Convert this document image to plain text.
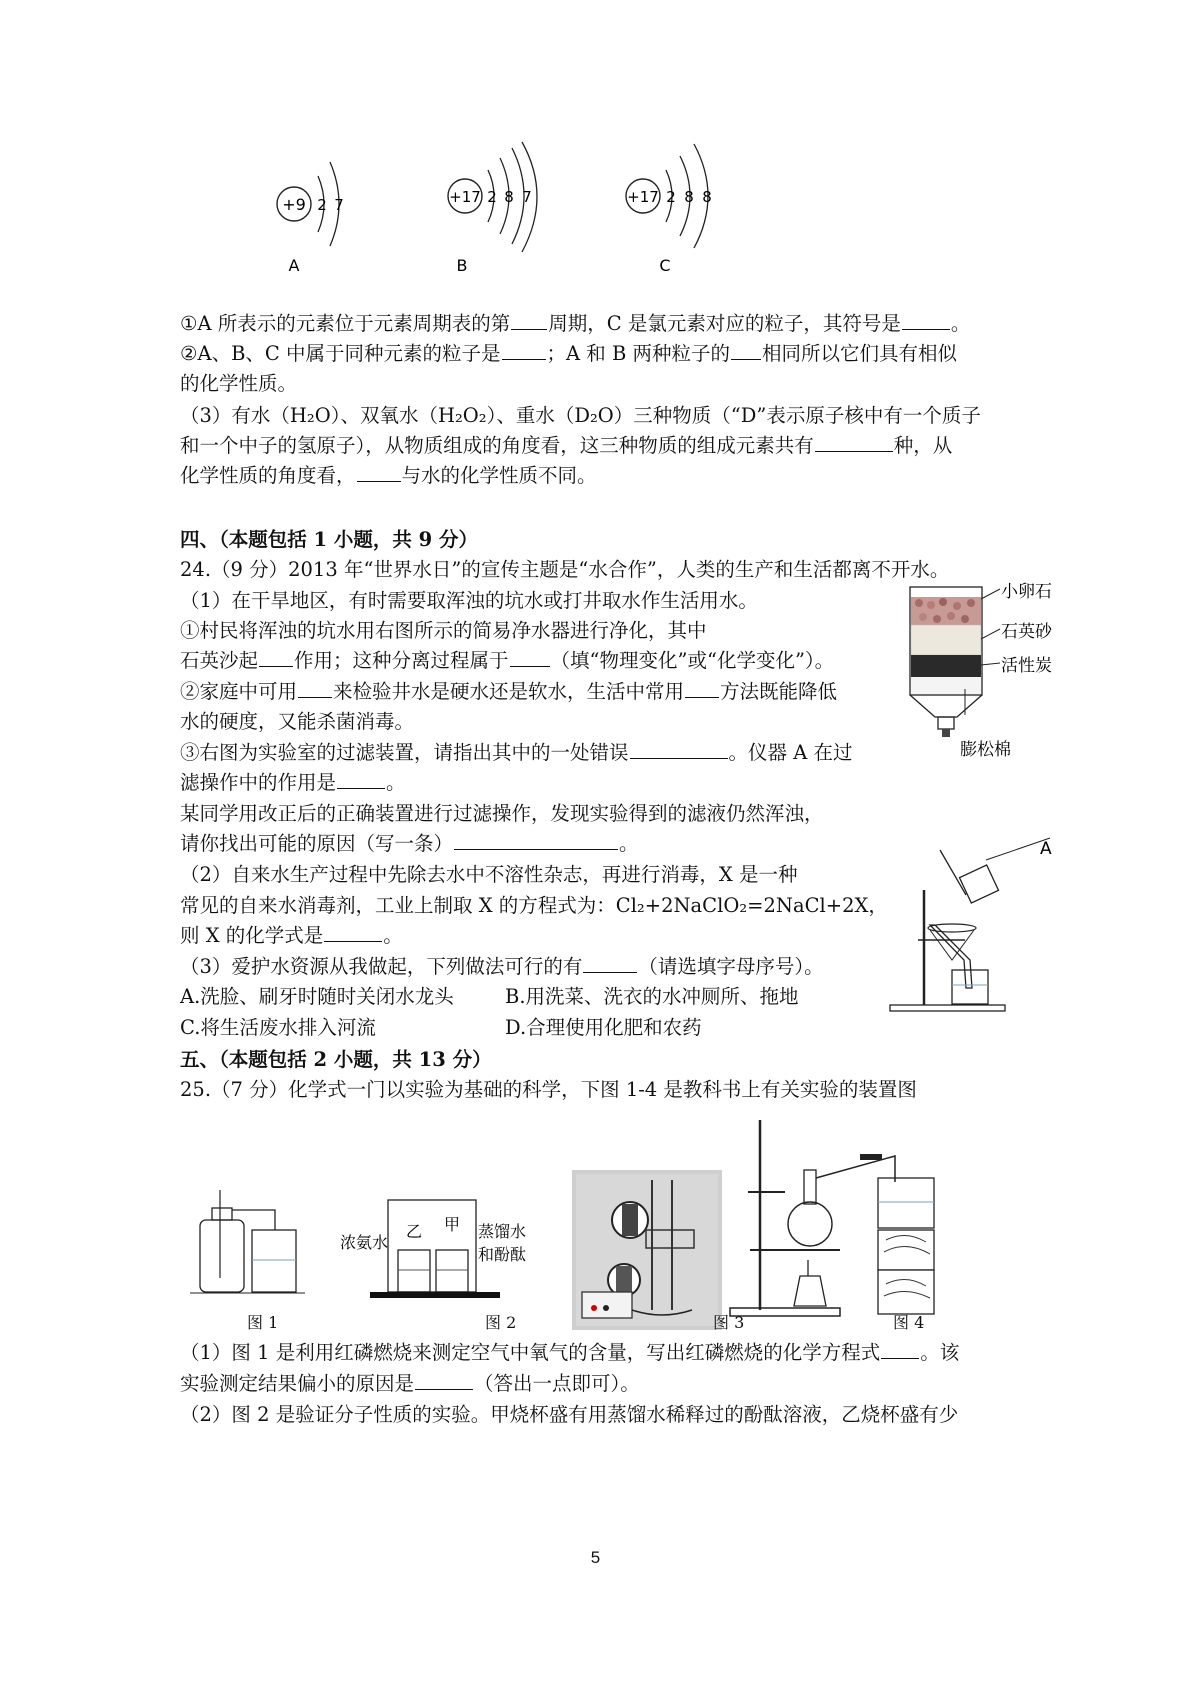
+9 2 7
A
+17 2 8 7
B
+17 2 8 8
C
①A 所表示的元素位于元素周期表的第 周期，C 是氯元素对应的粒子，其符号是	。
②A、B、C 中属于同种元素的粒子是 ；A 和 B 两种粒子的 相同所以它们具有相似
的化学性质。
（3）有水（H₂O）、双氧水（H₂O₂）、重水（D₂O）三种物质（“D”表示原子核中有一个质子
和一个中子的氢原子），从物质组成的角度看，这三种物质的组成元素共有	种，从
化学性质的角度看， 与水的化学性质不同。
四、（本题包括 1 小题，共 9 分）
24.（9 分）2013 年“世界水日”的宣传主题是“水合作”，人类的生产和生活都离不开水。
（1）在干旱地区，有时需要取浑浊的坑水或打井取水作生活用水。
①村民将浑浊的坑水用右图所示的简易净水器进行净化，其中
石英沙起 作用；这种分离过程属于 （填“物理变化”或“化学变化”）。
②家庭中可用 来检验井水是硬水还是软水，生活中常用 方法既能降低
水的硬度，又能杀菌消毒。
③右图为实验室的过滤装置，请指出其中的一处错误	。仪器 A 在过
滤操作中的作用是	。
某同学用改正后的正确装置进行过滤操作，发现实验得到的滤液仍然浑浊，
请你找出可能的原因（写一条）	。
（2）自来水生产过程中先除去水中不溶性杂志，再进行消毒，X 是一种
常见的自来水消毒剂，工业上制取 X 的方程式为：Cl₂+2NaClO₂=2NaCl+2X，
则 X 的化学式是	。
（3）爱护水资源从我做起，下列做法可行的有	（请选填字母序号）。
A.洗脸、刷牙时随时关闭水龙头	B.用洗菜、洗衣的水冲厕所、拖地
C.将生活废水排入河流	D.合理使用化肥和农药
小卵石
石英砂
活性炭
膨松棉
A
五、（本题包括 2 小题，共 13 分）
25.（7 分）化学式一门以实验为基础的科学，下图 1-4 是教科书上有关实验的装置图
浓氨水
乙 甲 蒸馏水
和酚酞
图 1	图 2	图 3	图 4
（1）图 1 是利用红磷燃烧来测定空气中氧气的含量，写出红磷燃烧的化学方程式 。该
实验测定结果偏小的原因是	（答出一点即可）。
（2）图 2 是验证分子性质的实验。甲烧杯盛有用蒸馏水稀释过的酚酞溶液，乙烧杯盛有少
5
